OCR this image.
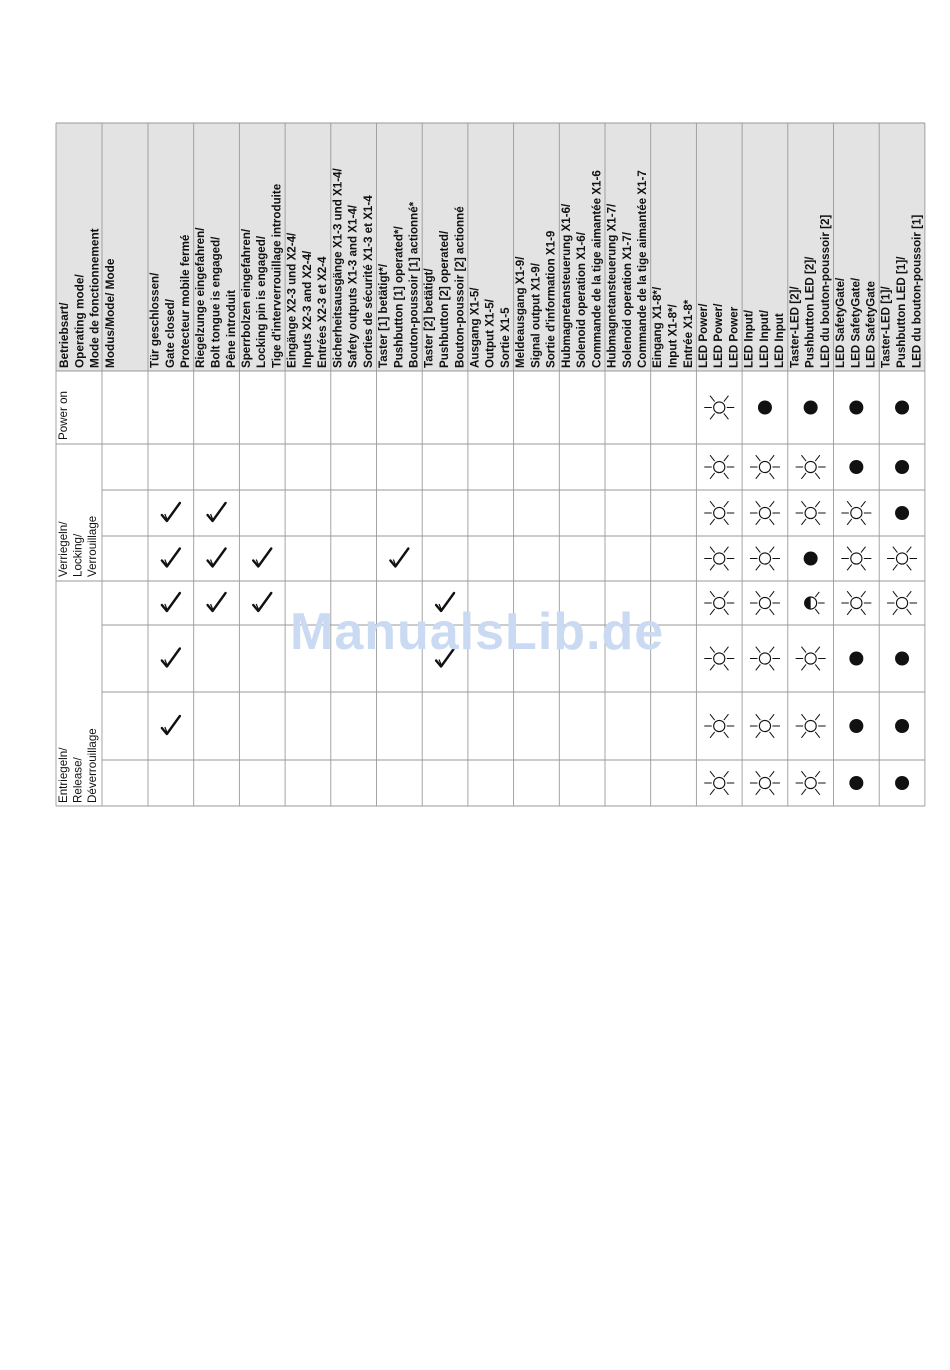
Betriebsart/ Operating mode/ Mode de fonctionnement Modus/Mode/ Mode	Tür geschlossen/ Gate closed/ Protecteur mobile fermé Riegelzunge eingefahren/ Bolt tongue is engaged/ Pêne introduit Sperrbolzen eingefahren/ Locking pin is engaged/ Tige d'interverrouillage introduite Eingänge X2-3 und X2-4/ Inputs X2-3 and X2-4/ Entrées X2-3 et X2-4 Sicherheitsausgänge X1-3 und X1-4/ Safety outputs X1-3 and X1-4/ Sorties de sécurité X1-3 et X1-4 Taster [1] betätigt*/ Pushbutton [1] operated*/ Bouton-poussoir [1] actionné* Taster [2] betätigt/ Pushbutton [2] operated/ Bouton-poussoir [2] actionné Ausgang X1-5/ Output X1-5/ Sortie X1-5 Meldeausgang X1-9/ Signal output X1-9/ Sortie d'information X1-9 Hubmagnetansteuerung X1-6/ Solenoid operation X1-6/ Commande de la tige aimantée X1-6 Hubmagnetansteuerung X1-7/ Solenoid operation X1-7/ Commande de la tige aimantée X1-7 Eingang X1-8*/ Input X1-8*/ Entrée X1-8* LED Power/ LED Power/ LED Power LED Input/ LED Input/ LED Input Taster-LED [2]/ Pushbutton LED [2]/ LED du bouton-poussoir [2] LED SafetyGate/ LED SafetyGate/ LED SafetyGate Taster-LED [1]/ Pushbutton LED [1]/ LED du bouton-poussoir [1]
Power on
Verriegeln/ Locking/ Verrouillage
Entriegeln/ Release/ Déverrouillage
ManualsLib.de
